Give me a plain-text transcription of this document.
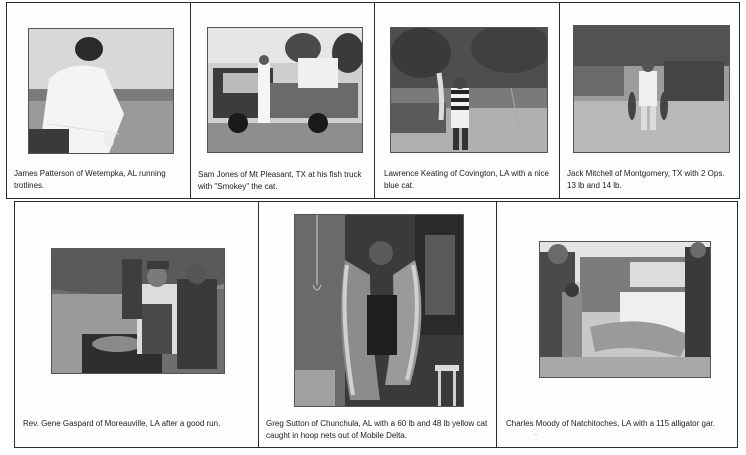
James Patterson of Wetempka, AL running
trotlines.
Sam Jones of Mt Pleasant, TX at his fish truck
with "Smokey" the cat.
Lawrence Keating of Covington, LA with a nice
blue cat.
Jack Mitchell of Montgomery, TX with 2 Ops.
13 lb and 14 lb.
Rev. Gene Gaspard of Moreauville, LA after a good run.	Greg Sutton of Chunchula, AL with a 60 lb and 48 lb yellow cat
caught in hoop nets out of Mobile Delta.
Charles Moody of Natchitoches, LA with a 115 alligator gar.
.
